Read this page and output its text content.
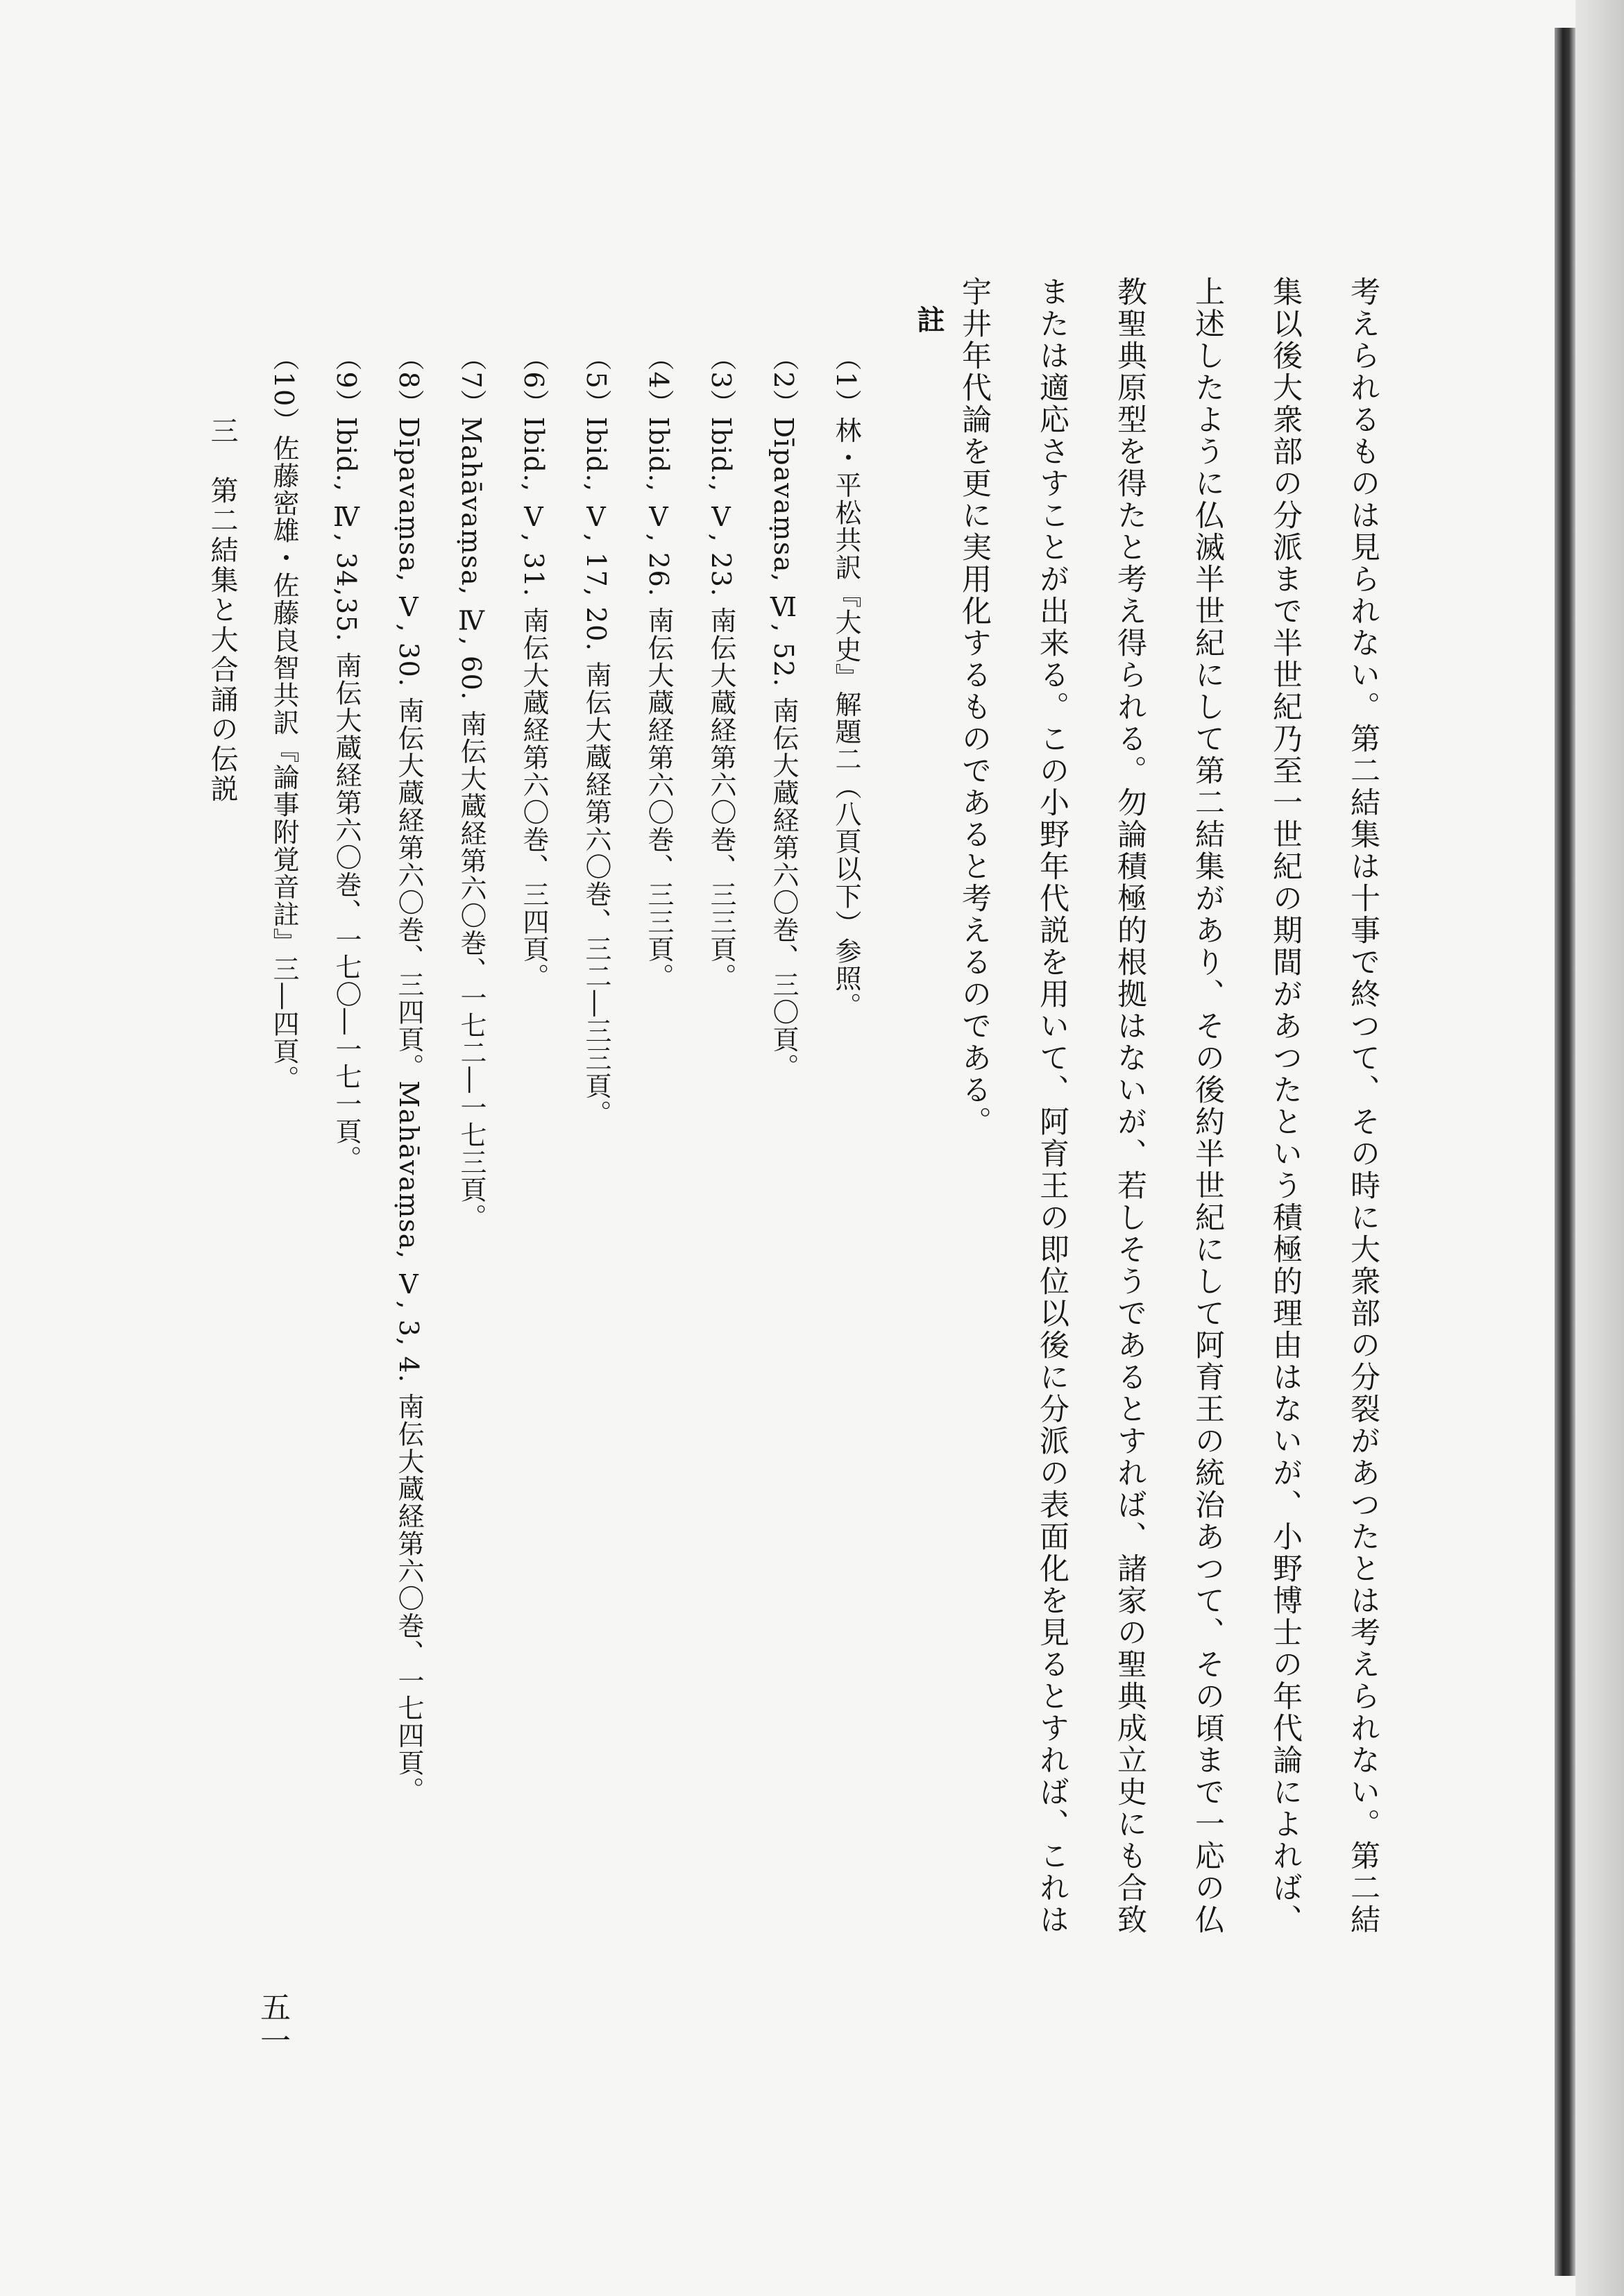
考えられるものは見られない。第二結集は十事で終つて、その時に大衆部の分裂があつたとは考えられない。第二結
集以後大衆部の分派まで半世紀乃至一世紀の期間があつたという積極的理由はないが、小野博士の年代論によれば、
上述したように仏滅半世紀にして第二結集があり、その後約半世紀にして阿育王の統治あつて、その頃まで一応の仏
教聖典原型を得たと考え得られる。勿論積極的根拠はないが、若しそうであるとすれば、諸家の聖典成立史にも合致
または適応さすことが出来る。この小野年代説を用いて、阿育王の即位以後に分派の表面化を見るとすれば、これは
宇井年代論を更に実用化するものであると考えるのである。
註
（1）林・平松共訳『大史』解題二（八頁以下）参照。
（2）Dīpavaṃsa, Ⅵ, 52. 南伝大蔵経第六〇巻、三〇頁。
（3）Ibid., Ⅴ, 23. 南伝大蔵経第六〇巻、三三頁。
（4）Ibid., Ⅴ, 26. 南伝大蔵経第六〇巻、三三頁。
（5）Ibid., Ⅴ, 17, 20. 南伝大蔵経第六〇巻、三二―三三頁。
（6）Ibid., Ⅴ, 31. 南伝大蔵経第六〇巻、三四頁。
（7）Mahāvaṃsa, Ⅳ, 60. 南伝大蔵経第六〇巻、一七二―一七三頁。
（8）Dīpavaṃsa, Ⅴ, 30. 南伝大蔵経第六〇巻、三四頁。Mahāvaṃsa, Ⅴ, 3, 4. 南伝大蔵経第六〇巻、一七四頁。
（9）Ibid., Ⅳ, 34,35. 南伝大蔵経第六〇巻、一七〇―一七一頁。
（10）佐藤密雄・佐藤良智共訳『論事附覚音註』三―四頁。
三　第二結集と大合誦の伝説
五一
